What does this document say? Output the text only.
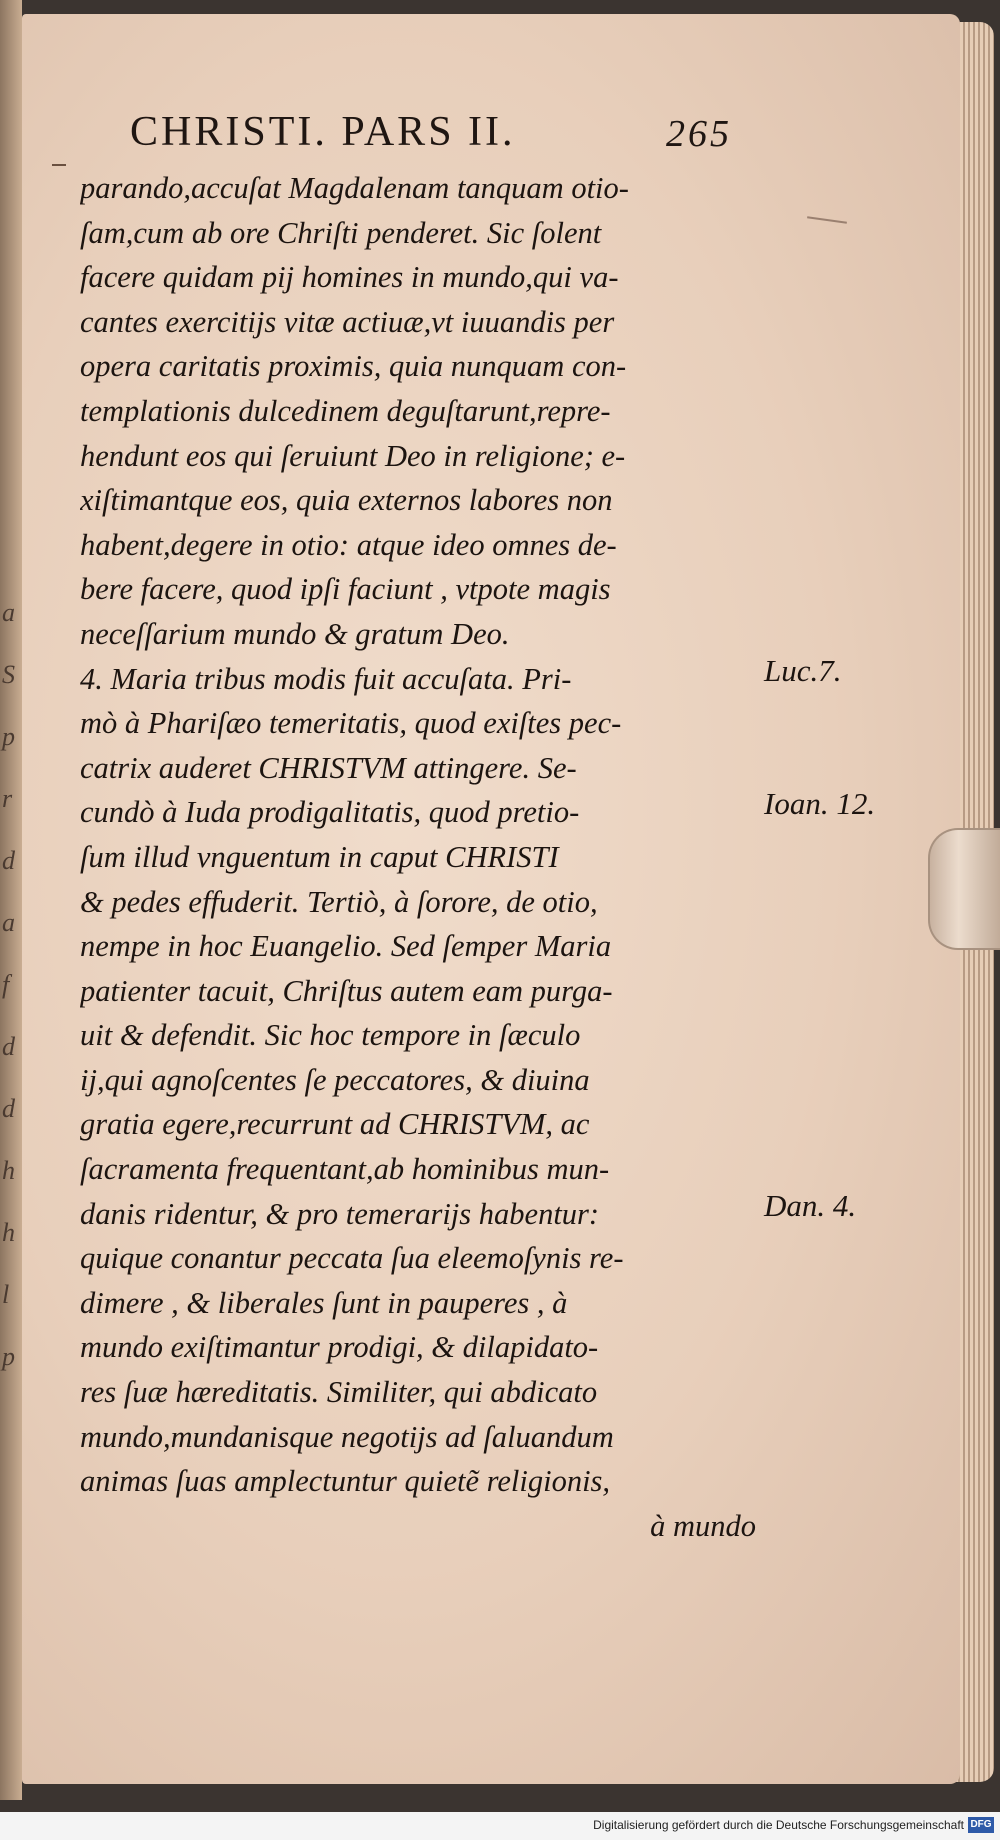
a
S
p
r
d
a
f
d
d
h
h
l
p
CHRISTI. PARS II.	265
parando,accuſat Magdalenam tanquam otio-
ſam,cum ab ore Chriſti penderet. Sic ſolent
facere quidam pij homines in mundo,qui va-
cantes exercitijs vitæ actiuæ,vt iuuandis per
opera caritatis proximis, quia nunquam con-
templationis dulcedinem deguſtarunt,repre-
hendunt eos qui ſeruiunt Deo in religione; e-
xiſtimantque eos, quia externos labores non
habent,degere in otio: atque ideo omnes de-
bere facere, quod ipſi faciunt , vtpote magis
neceſſarium mundo & gratum Deo.
4. Maria tribus modis fuit accuſata. Pri-
mò à Phariſæo temeritatis, quod exiſtes pec-
catrix auderet CHRISTVM attingere. Se-
cundò à Iuda prodigalitatis, quod pretio-
ſum illud vnguentum in caput CHRISTI
& pedes effuderit. Tertiò, à ſorore, de otio,
nempe in hoc Euangelio. Sed ſemper Maria
patienter tacuit, Chriſtus autem eam purga-
uit & defendit. Sic hoc tempore in ſæculo
ij,qui agnoſcentes ſe peccatores, & diuina
gratia egere,recurrunt ad CHRISTVM, ac
ſacramenta frequentant,ab hominibus mun-
danis ridentur, & pro temerarijs habentur:
quique conantur peccata ſua eleemoſynis re-
dimere , & liberales ſunt in pauperes , à
mundo exiſtimantur prodigi, & dilapidato-
res ſuæ hæreditatis. Similiter, qui abdicato
mundo,mundanisque negotijs ad ſaluandum
animas ſuas amplectuntur quietẽ religionis,
à mundo
Luc.7.
Ioan. 12.
Dan. 4.
Digitalisierung gefördert durch die Deutsche Forschungsgemeinschaft DFG
